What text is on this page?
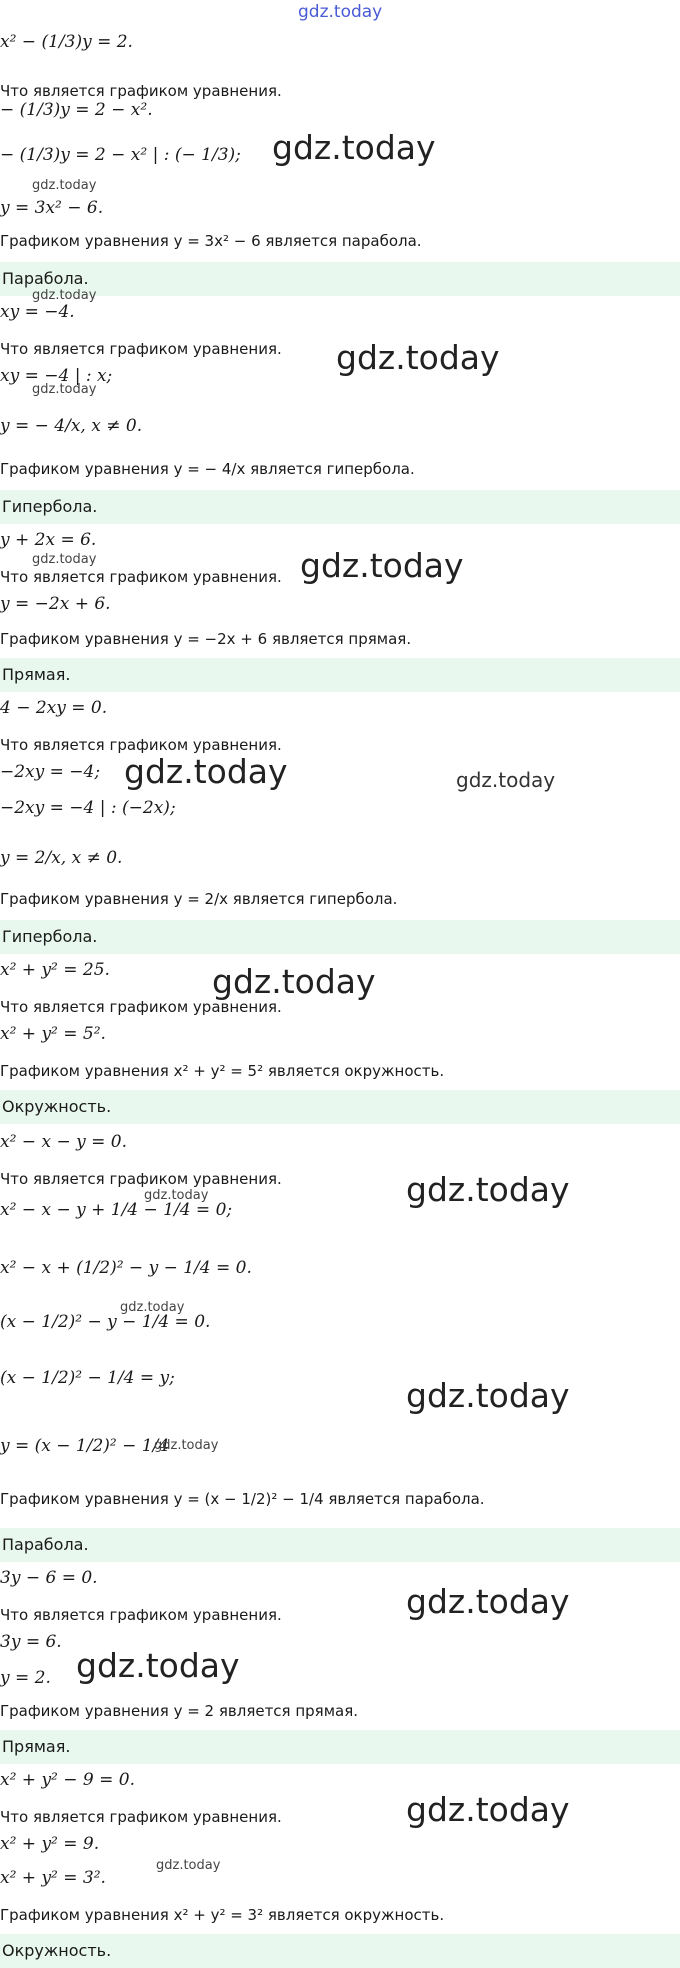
gdz.today
x² − (1/3)y = 2.
Что является графиком уравнения.
− (1/3)y = 2 − x².
− (1/3)y = 2 − x² | : (− 1/3);
y = 3x² − 6.
Графиком уравнения y = 3x² − 6 является парабола.
Парабола.
xy = −4.
Что является графиком уравнения.
xy = −4 | : x;
y = − 4/x, x ≠ 0.
Графиком уравнения y = − 4/x является гипербола.
Гипербола.
y + 2x = 6.
Что является графиком уравнения.
y = −2x + 6.
Графиком уравнения y = −2x + 6 является прямая.
Прямая.
4 − 2xy = 0.
Что является графиком уравнения.
−2xy = −4;
−2xy = −4 | : (−2x);
y = 2/x, x ≠ 0.
Графиком уравнения y = 2/x является гипербола.
Гипербола.
x² + y² = 25.
Что является графиком уравнения.
x² + y² = 5².
Графиком уравнения x² + y² = 5² является окружность.
Окружность.
x² − x − y = 0.
Что является графиком уравнения.
x² − x − y + 1/4 − 1/4 = 0;
x² − x + (1/2)² − y − 1/4 = 0.
(x − 1/2)² − y − 1/4 = 0.
(x − 1/2)² − 1/4 = y;
y = (x − 1/2)² − 1/4
Графиком уравнения y = (x − 1/2)² − 1/4 является парабола.
Парабола.
3y − 6 = 0.
Что является графиком уравнения.
3y = 6.
y = 2.
Графиком уравнения y = 2 является прямая.
Прямая.
x² + y² − 9 = 0.
Что является графиком уравнения.
x² + y² = 9.
x² + y² = 3².
Графиком уравнения x² + y² = 3² является окружность.
Окружность.
gdz.today
gdz.today
gdz.today
gdz.today
gdz.today
gdz.today	gdz.today
gdz.today	gdz.today
gdz.today
gdz.today
gdz.today
gdz.today
gdz.today
gdz.today
gdz.today
gdz.today
gdz.today
gdz.today
